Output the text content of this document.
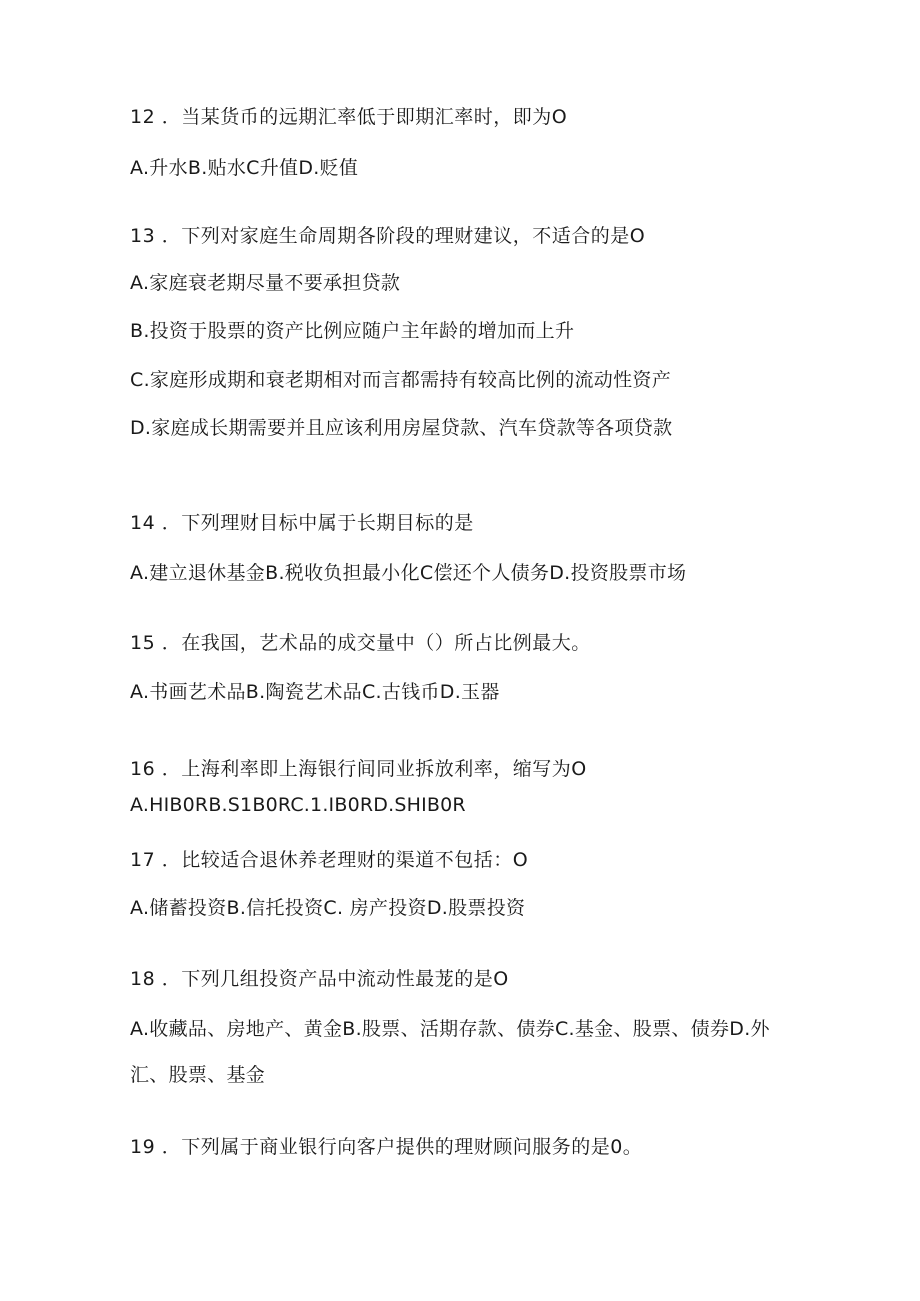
12 ．当某货币的远期汇率低于即期汇率时，即为O
A.升水B.贴水C升值D.贬值
13 ．下列对家庭生命周期各阶段的理财建议，不适合的是O
A.家庭衰老期尽量不要承担贷款
B.投资于股票的资产比例应随户主年龄的增加而上升
C.家庭形成期和衰老期相对而言都需持有较高比例的流动性资产
D.家庭成长期需要并且应该利用房屋贷款、汽车贷款等各项贷款
14 ．下列理财目标中属于长期目标的是
A.建立退休基金B.税收负担最小化C偿还个人债务D.投资股票市场
15 ．在我国，艺术品的成交量中（）所占比例最大。
A.书画艺术品B.陶瓷艺术品C.古钱币D.玉器
16 ．上海利率即上海银行间同业拆放利率，缩写为O
A.HIB0RB.S1B0RC.1.IB0RD.SHIB0R
17 ．比较适合退休养老理财的渠道不包括：O
A.储蓄投资B.信托投资C. 房产投资D.股票投资
18 ．下列几组投资产品中流动性最茏的是O
A.收藏品、房地产、黄金B.股票、活期存款、债券C.基金、股票、债券D.外
汇、股票、基金
19 ．下列属于商业银行向客户提供的理财顾问服务的是0。
